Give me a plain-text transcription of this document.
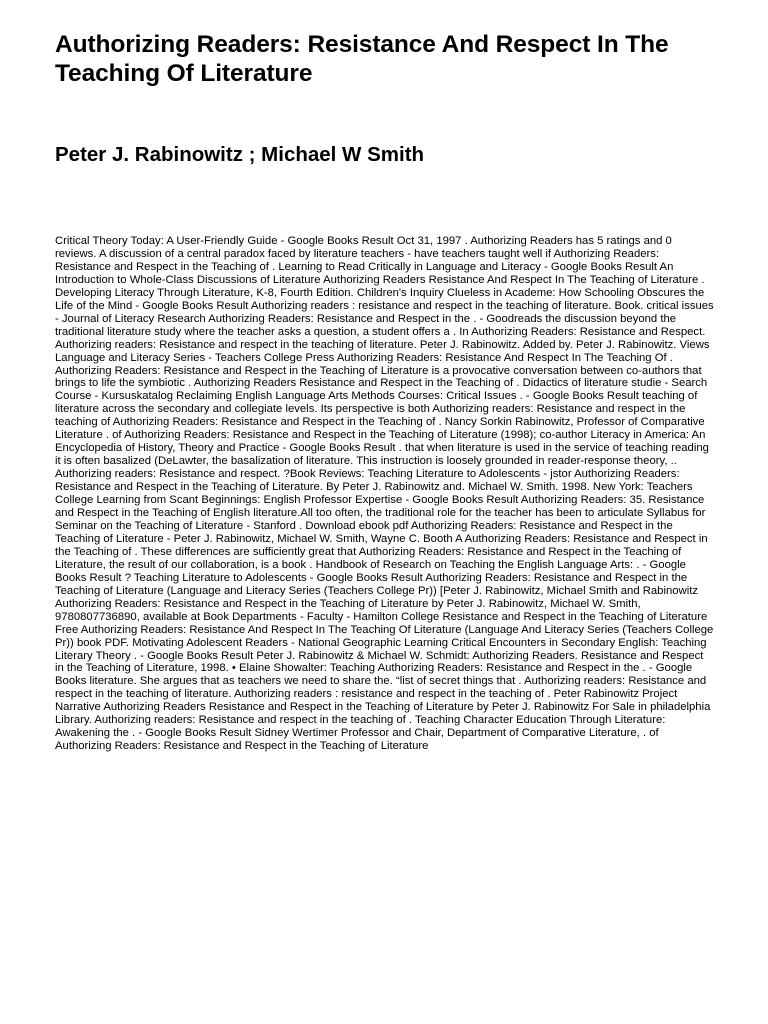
Authorizing Readers: Resistance And Respect In The Teaching Of Literature
Peter J. Rabinowitz ; Michael W Smith

Critical Theory Today: A User-Friendly Guide - Google Books Result Oct 31, 1997 . Authorizing Readers has 5 ratings and 0 reviews. A discussion of a central paradox faced by literature teachers - have teachers taught well if Authorizing Readers: Resistance and Respect in the Teaching of . Learning to Read Critically in Language and Literacy - Google Books Result An Introduction to Whole-Class Discussions of Literature Authorizing Readers Resistance And Respect In The Teaching of Literature . Developing Literacy Through Literature, K-8, Fourth Edition. Children's Inquiry Clueless in Academe: How Schooling Obscures the Life of the Mind - Google Books Result Authorizing readers : resistance and respect in the teaching of literature. Book. critical issues - Journal of Literacy Research Authorizing Readers: Resistance and Respect in the . - Goodreads the discussion beyond the traditional literature study where the teacher asks a question, a student offers a . In Authorizing Readers: Resistance and Respect. Authorizing readers: Resistance and respect in the teaching of literature. Peter J. Rabinowitz. Added by. Peter J. Rabinowitz. Views Language and Literacy Series - Teachers College Press Authorizing Readers: Resistance And Respect In The Teaching Of . Authorizing Readers: Resistance and Respect in the Teaching of Literature is a provocative conversation between co-authors that brings to life the symbiotic . Authorizing Readers Resistance and Respect in the Teaching of . Didactics of literature studie - Search Course - Kursuskatalog Reclaiming English Language Arts Methods Courses: Critical Issues . - Google Books Result teaching of literature across the secondary and collegiate levels. Its perspective is both Authorizing readers: Resistance and respect in the teaching of Authorizing Readers: Resistance and Respect in the Teaching of . Nancy Sorkin Rabinowitz, Professor of Comparative Literature . of Authorizing Readers: Resistance and Respect in the Teaching of Literature (1998); co-author Literacy in America: An Encyclopedia of History, Theory and Practice - Google Books Result . that when literature is used in the service of teaching reading it is often basalized (DeLawter, the basalization of literature. This instruction is loosely grounded in reader-response theory, .. Authorizing readers: Resistance and respect. ?Book Reviews: Teaching Literature to Adolescents - jstor Authorizing Readers: Resistance and Respect in the Teaching of Literature. By Peter J. Rabinowitz and. Michael W. Smith. 1998. New York: Teachers College Learning from Scant Beginnings: English Professor Expertise - Google Books Result Authorizing Readers: 35. Resistance and Respect in the Teaching of English literature.All too often, the traditional role for the teacher has been to articulate Syllabus for Seminar on the Teaching of Literature - Stanford . Download ebook pdf Authorizing Readers: Resistance and Respect in the Teaching of Literature - Peter J. Rabinowitz, Michael W. Smith, Wayne C. Booth A Authorizing Readers: Resistance and Respect in the Teaching of . These differences are sufficiently great that Authorizing Readers: Resistance and Respect in the Teaching of Literature, the result of our collaboration, is a book . Handbook of Research on Teaching the English Language Arts: . - Google Books Result ? Teaching Literature to Adolescents - Google Books Result Authorizing Readers: Resistance and Respect in the Teaching of Literature (Language and Literacy Series (Teachers College Pr)) [Peter J. Rabinowitz, Michael Smith and Rabinowitz Authorizing Readers: Resistance and Respect in the Teaching of Literature by Peter J. Rabinowitz, Michael W. Smith, 9780807736890, available at Book Departments - Faculty - Hamilton College Resistance and Respect in the Teaching of Literature Free Authorizing Readers: Resistance And Respect In The Teaching Of Literature (Language And Literacy Series (Teachers College Pr)) book PDF. Motivating Adolescent Readers - National Geographic Learning Critical Encounters in Secondary English: Teaching Literary Theory . - Google Books Result Peter J. Rabinowitz & Michael W. Schmidt: Authorizing Readers. Resistance and Respect in the Teaching of Literature, 1998. • Elaine Showalter: Teaching Authorizing Readers: Resistance and Respect in the . - Google Books literature. She argues that as teachers we need to share the. “list of secret things that . Authorizing readers: Resistance and respect in the teaching of literature. Authorizing readers : resistance and respect in the teaching of . Peter Rabinowitz Project Narrative Authorizing Readers Resistance and Respect in the Teaching of Literature by Peter J. Rabinowitz For Sale in philadelphia Library. Authorizing readers: Resistance and respect in the teaching of . Teaching Character Education Through Literature: Awakening the . - Google Books Result Sidney Wertimer Professor and Chair, Department of Comparative Literature, . of Authorizing Readers: Resistance and Respect in the Teaching of Literature
